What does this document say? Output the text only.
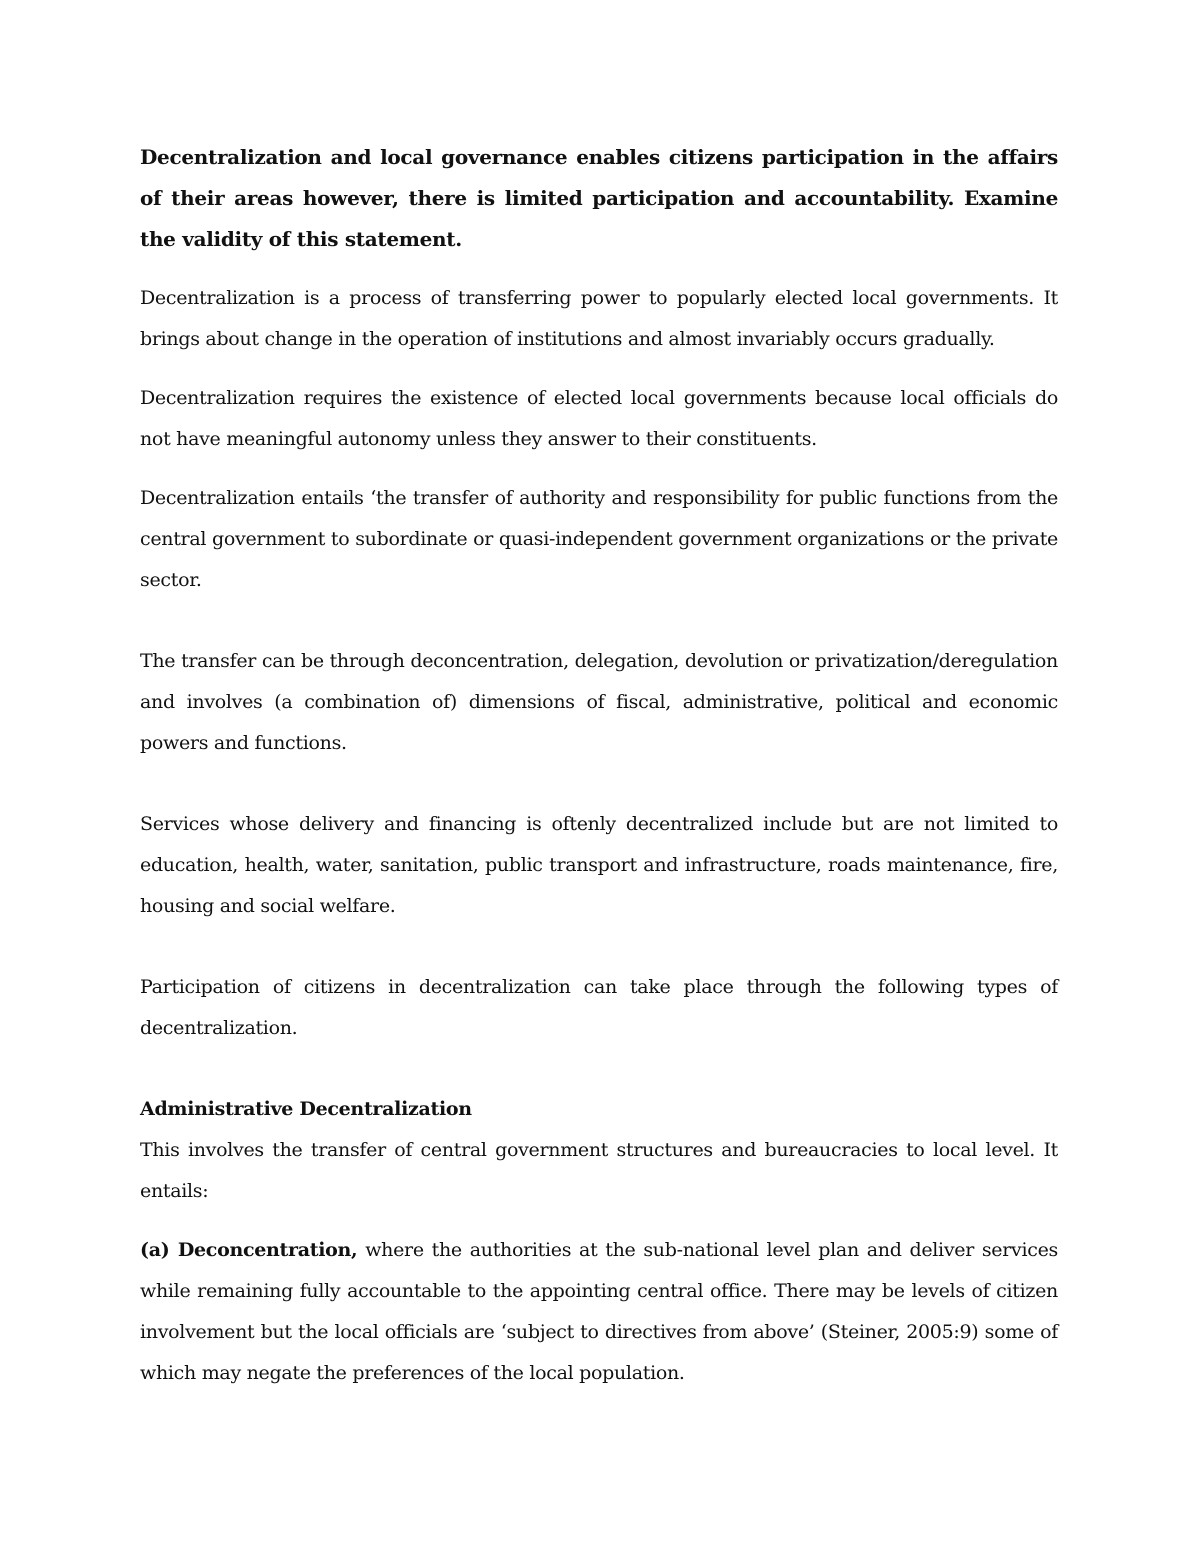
Decentralization and local governance enables citizens participation in the affairs of their areas however, there is limited participation and accountability. Examine the validity of this statement.

Decentralization is a process of transferring power to popularly elected local governments. It brings about change in the operation of institutions and almost invariably occurs gradually.

Decentralization requires the existence of elected local governments because local officials do not have meaningful autonomy unless they answer to their constituents.

Decentralization entails ‘the transfer of authority and responsibility for public functions from the central government to subordinate or quasi-independent government organizations or the private sector.

The transfer can be through deconcentration, delegation, devolution or privatization/deregulation and involves (a combination of) dimensions of fiscal, administrative, political and economic powers and functions.

Services whose delivery and financing is oftenly decentralized include but are not limited to education, health, water, sanitation, public transport and infrastructure, roads maintenance, fire, housing and social welfare.

Participation of citizens in decentralization can take place through the following types of decentralization.

Administrative Decentralization

This involves the transfer of central government structures and bureaucracies to local level. It entails:

(a) Deconcentration, where the authorities at the sub-national level plan and deliver services while remaining fully accountable to the appointing central office. There may be levels of citizen involvement but the local officials are ‘subject to directives from above’ (Steiner, 2005:9) some of which may negate the preferences of the local population.
